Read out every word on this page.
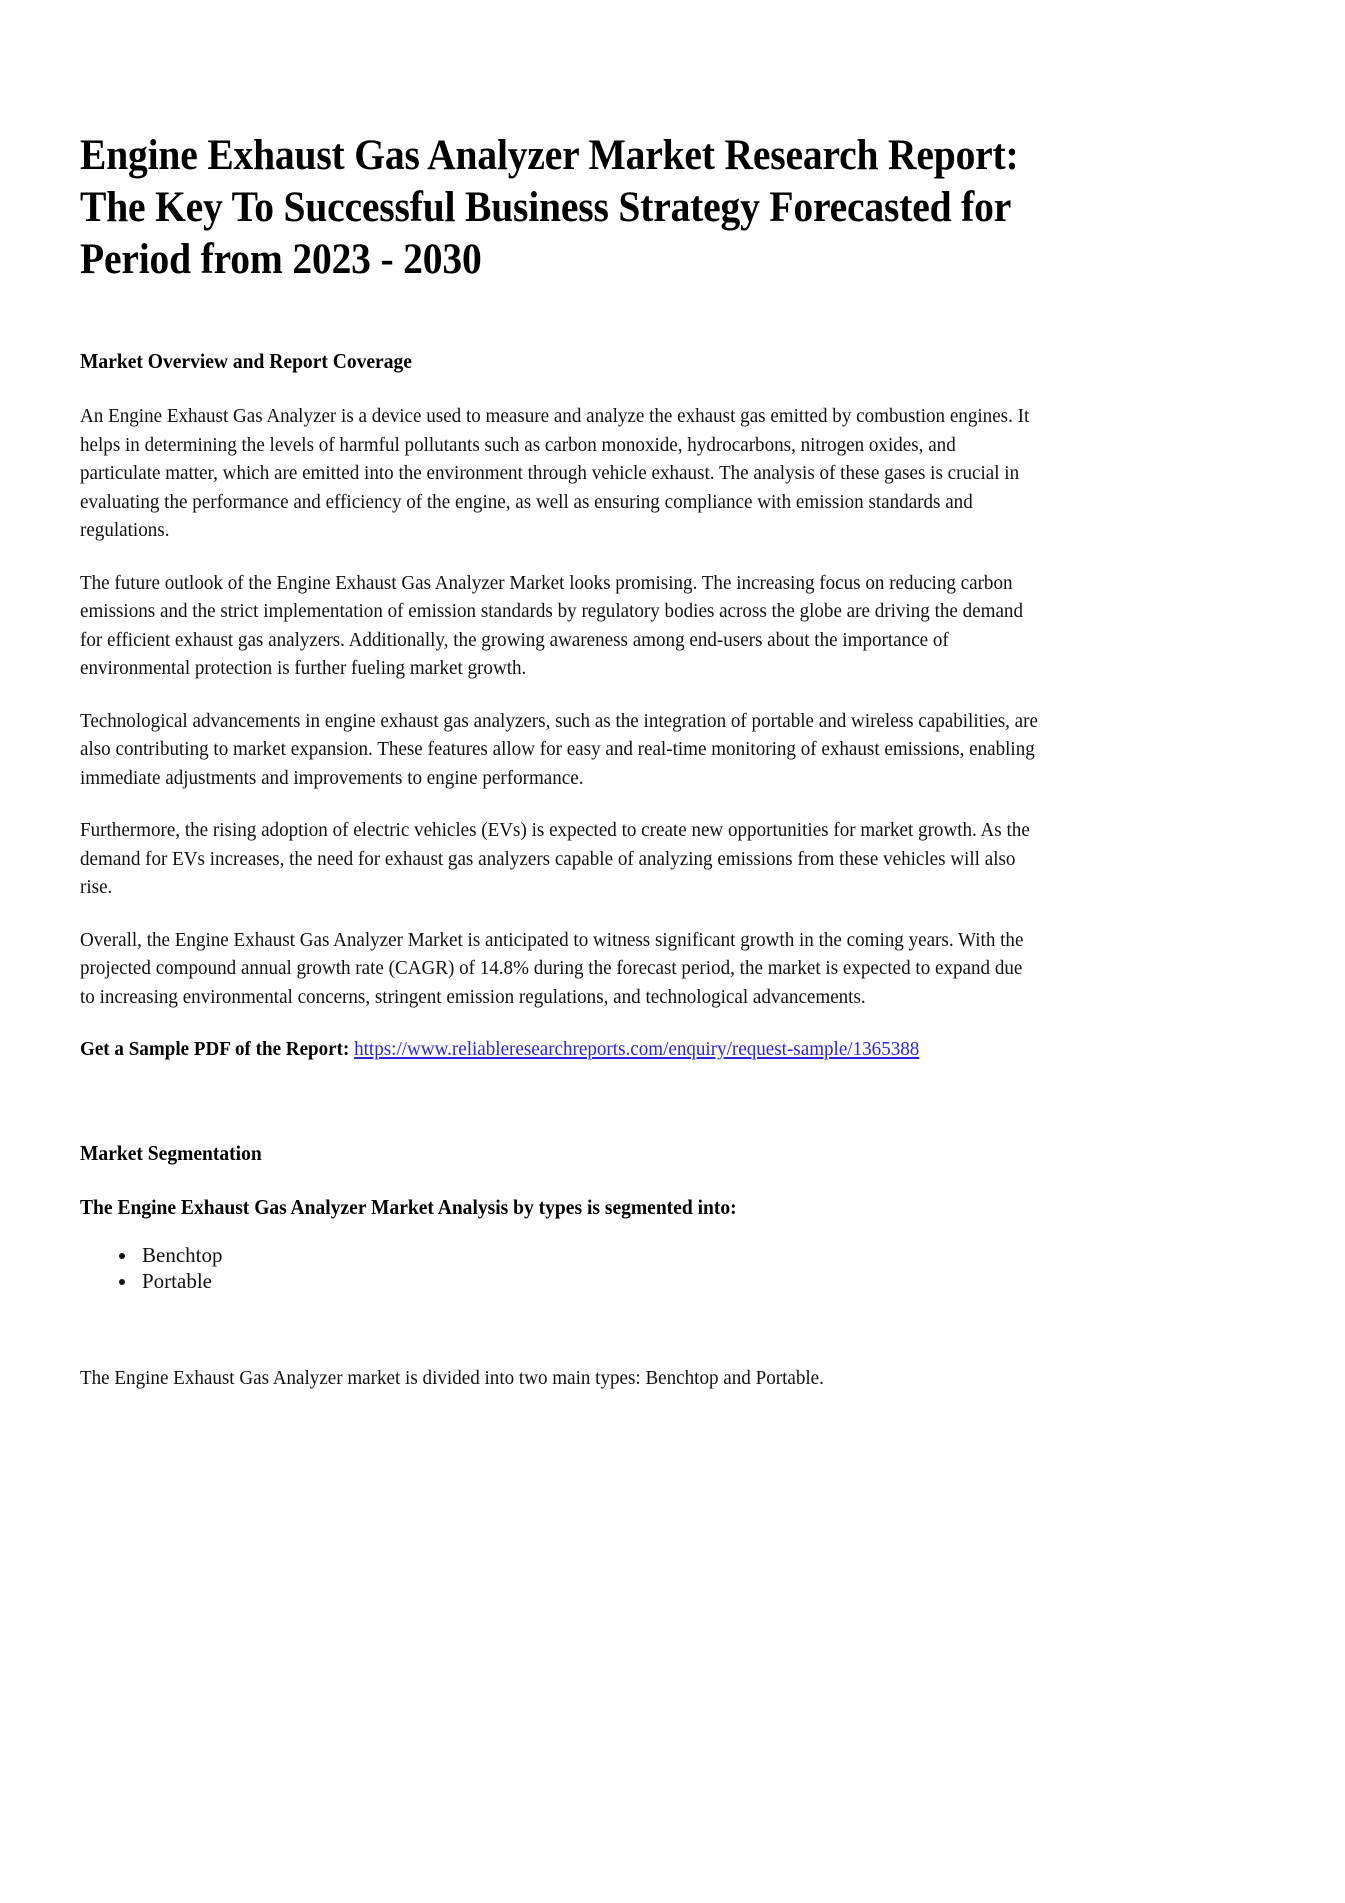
Engine Exhaust Gas Analyzer Market Research Report: The Key To Successful Business Strategy Forecasted for Period from 2023 - 2030
Market Overview and Report Coverage

An Engine Exhaust Gas Analyzer is a device used to measure and analyze the exhaust gas emitted by combustion engines. It helps in determining the levels of harmful pollutants such as carbon monoxide, hydrocarbons, nitrogen oxides, and particulate matter, which are emitted into the environment through vehicle exhaust. The analysis of these gases is crucial in evaluating the performance and efficiency of the engine, as well as ensuring compliance with emission standards and regulations.

The future outlook of the Engine Exhaust Gas Analyzer Market looks promising. The increasing focus on reducing carbon emissions and the strict implementation of emission standards by regulatory bodies across the globe are driving the demand for efficient exhaust gas analyzers. Additionally, the growing awareness among end-users about the importance of environmental protection is further fueling market growth.

Technological advancements in engine exhaust gas analyzers, such as the integration of portable and wireless capabilities, are also contributing to market expansion. These features allow for easy and real-time monitoring of exhaust emissions, enabling immediate adjustments and improvements to engine performance.

Furthermore, the rising adoption of electric vehicles (EVs) is expected to create new opportunities for market growth. As the demand for EVs increases, the need for exhaust gas analyzers capable of analyzing emissions from these vehicles will also rise.

Overall, the Engine Exhaust Gas Analyzer Market is anticipated to witness significant growth in the coming years. With the projected compound annual growth rate (CAGR) of 14.8% during the forecast period, the market is expected to expand due to increasing environmental concerns, stringent emission regulations, and technological advancements.

Get a Sample PDF of the Report: https://www.reliableresearchreports.com/enquiry/request-sample/1365388

Market Segmentation
The Engine Exhaust Gas Analyzer Market Analysis by types is segmented into:
• Benchtop
• Portable

The Engine Exhaust Gas Analyzer market is divided into two main types: Benchtop and Portable.
